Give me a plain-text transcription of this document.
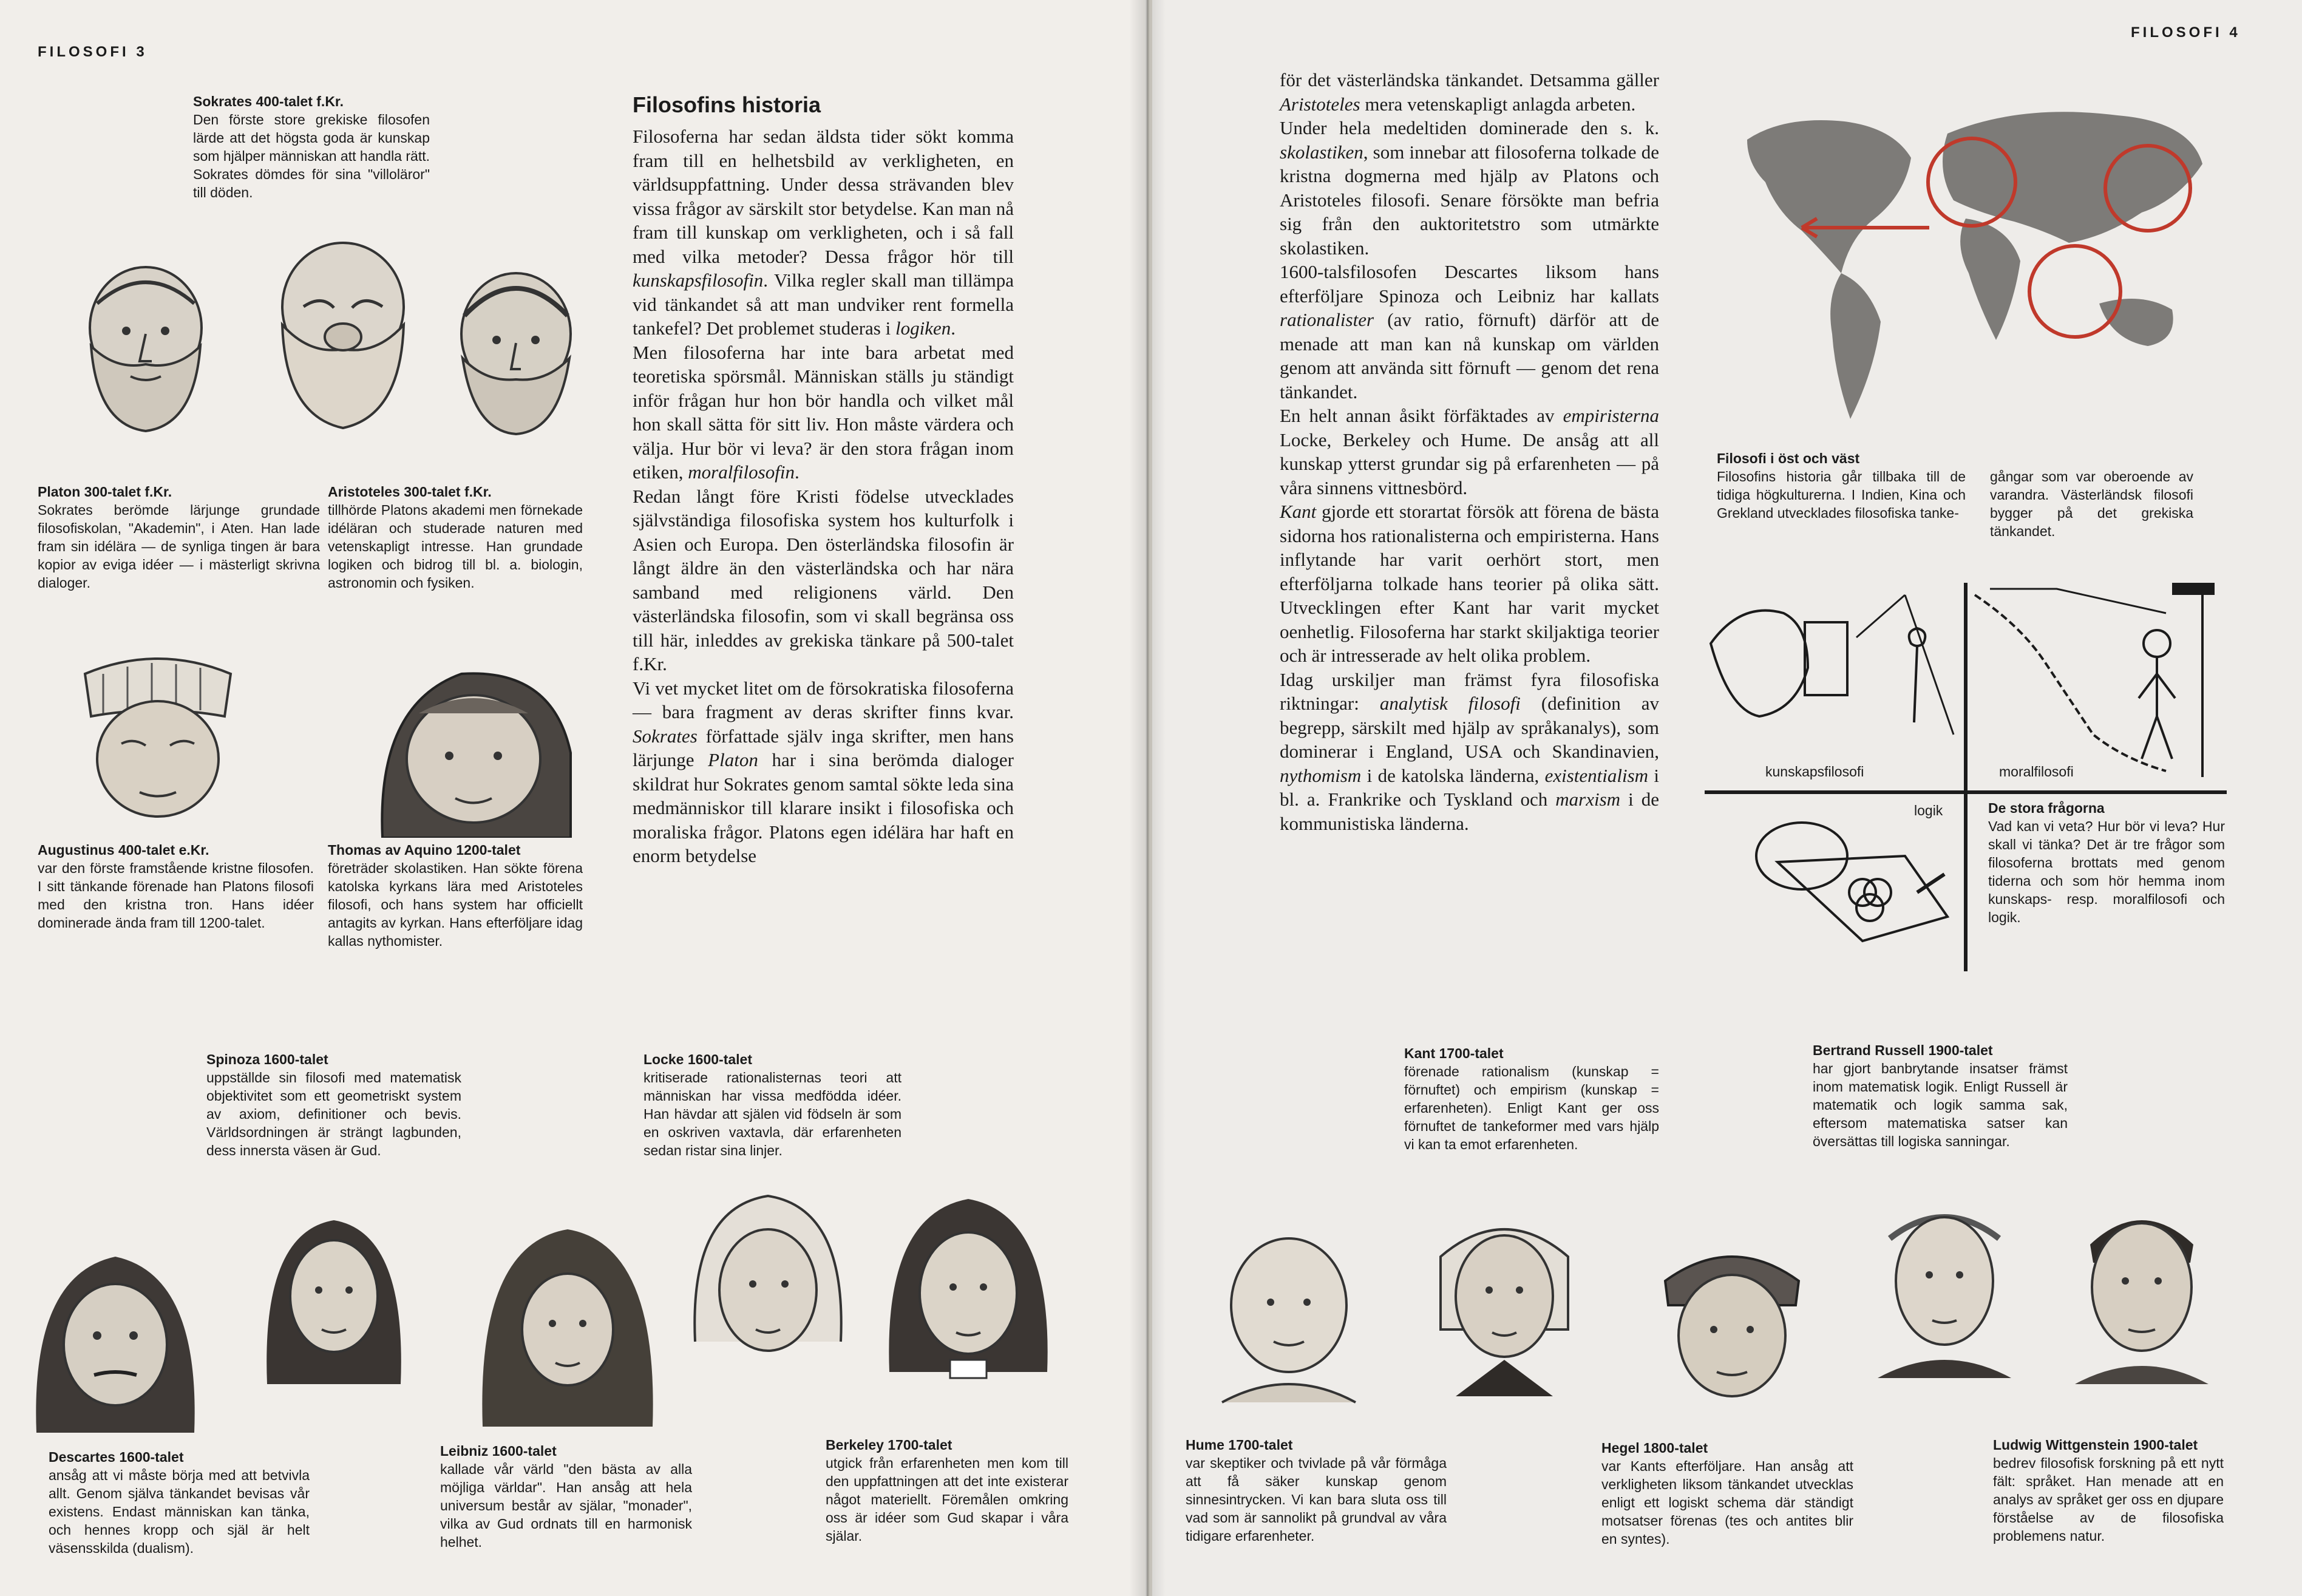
FILOSOFI 3
Sokrates 400-talet f.Kr.
Den förste store grekiske filosofen lärde att det högsta goda är kunskap som hjälper människan att handla rätt. Sokrates dömdes för sina "villoläror" till döden.
Platon 300-talet f.Kr.
Sokrates berömde lärjunge grundade filosofiskolan, "Akademin", i Aten. Han lade fram sin idélära — de synliga tingen är bara kopior av eviga idéer — i mästerligt skrivna dialoger.
Aristoteles 300-talet f.Kr.
tillhörde Platons akademi men förnekade idéläran och studerade naturen med vetenskapligt intresse. Han grundade logiken och bidrog till bl. a. biologin, astronomin och fysiken.
Augustinus 400-talet e.Kr.
var den förste framstående kristne filosofen. I sitt tänkande förenade han Platons filosofi med den kristna tron. Hans idéer dominerade ända fram till 1200-talet.
Thomas av Aquino 1200-talet
företräder skolastiken. Han sökte förena katolska kyrkans lära med Aristoteles filosofi, och hans system har officiellt antagits av kyrkan. Hans efterföljare idag kallas nythomister.
Filosofins historia
Filosoferna har sedan äldsta tider sökt komma fram till en helhetsbild av verkligheten, en världsuppfattning. Under dessa strävanden blev vissa frågor av särskilt stor betydelse. Kan man nå fram till kunskap om verkligheten, och i så fall med vilka metoder? Dessa frågor hör till kunskapsfilosofin. Vilka regler skall man tillämpa vid tänkandet så att man undviker rent formella tankefel? Det problemet studeras i logiken.
Men filosoferna har inte bara arbetat med teoretiska spörsmål. Människan ställs ju ständigt inför frågan hur hon bör handla och vilket mål hon skall sätta för sitt liv. Hon måste värdera och välja. Hur bör vi leva? är den stora frågan inom etiken, moralfilosofin.
Redan långt före Kristi födelse utvecklades självständiga filosofiska system hos kulturfolk i Asien och Europa. Den österländska filosofin är långt äldre än den västerländska och har nära samband med religionens värld. Den västerländska filosofin, som vi skall begränsa oss till här, inleddes av grekiska tänkare på 500-talet f.Kr.
Vi vet mycket litet om de försokratiska filosoferna — bara fragment av deras skrifter finns kvar. Sokrates författade själv inga skrifter, men hans lärjunge Platon har i sina berömda dialoger skildrat hur Sokrates genom samtal sökte leda sina medmänniskor till klarare insikt i filosofiska och moraliska frågor. Platons egen idélära har haft en enorm betydelse
Spinoza 1600-talet
uppställde sin filosofi med matematisk objektivitet som ett geometriskt system av axiom, definitioner och bevis. Världsordningen är strängt lagbunden, dess innersta väsen är Gud.
Locke 1600-talet
kritiserade rationalisternas teori att människan har vissa medfödda idéer. Han hävdar att själen vid födseln är som en oskriven vaxtavla, där erfarenheten sedan ristar sina linjer.
Descartes 1600-talet
ansåg att vi måste börja med att betvivla allt. Genom själva tänkandet bevisas vår existens. Endast människan kan tänka, och hennes kropp och själ är helt väsensskilda (dualism).
Leibniz 1600-talet
kallade vår värld "den bästa av alla möjliga världar". Han ansåg att hela universum består av själar, "monader", vilka av Gud ordnats till en harmonisk helhet.
Berkeley 1700-talet
utgick från erfarenheten men kom till den uppfattningen att det inte existerar något materiellt. Föremålen omkring oss är idéer som Gud skapar i våra själar.
FILOSOFI 4
för det västerländska tänkandet. Detsamma gäller Aristoteles mera vetenskapligt anlagda arbeten.
Under hela medeltiden dominerade den s. k. skolastiken, som innebar att filosoferna tolkade de kristna dogmerna med hjälp av Platons och Aristoteles filosofi. Senare försökte man befria sig från den auktoritetstro som utmärkte skolastiken.
1600-talsfilosofen Descartes liksom hans efterföljare Spinoza och Leibniz har kallats rationalister (av ratio, förnuft) därför att de menade att man kan nå kunskap om världen genom att använda sitt förnuft — genom det rena tänkandet.
En helt annan åsikt förfäktades av empiristerna Locke, Berkeley och Hume. De ansåg att all kunskap ytterst grundar sig på erfarenheten — på våra sinnens vittnesbörd.
Kant gjorde ett storartat försök att förena de bästa sidorna hos rationalisterna och empiristerna. Hans inflytande har varit oerhört stort, men efterföljarna tolkade hans teorier på olika sätt. Utvecklingen efter Kant har varit mycket oenhetlig. Filosoferna har starkt skiljaktiga teorier och är intresserade av helt olika problem.
Idag urskiljer man främst fyra filosofiska riktningar: analytisk filosofi (definition av begrepp, särskilt med hjälp av språkanalys), som dominerar i England, USA och Skandinavien, nythomism i de katolska länderna, existentialism i bl. a. Frankrike och Tyskland och marxism i de kommunistiska länderna.
Filosofi i öst och väst
Filosofins historia går tillbaka till de tidiga högkulturerna. I Indien, Kina och Grekland utvecklades filosofiska tanke-
gångar som var oberoende av varandra. Västerländsk filosofi bygger på det grekiska tänkandet.
kunskapsfilosofi	moralfilosofi
logik	De stora frågorna
Vad kan vi veta? Hur bör vi leva? Hur skall vi tänka? Det är tre frågor som filosoferna brottats med genom tiderna och som hör hemma inom kunskaps- resp. moralfilosofi och logik.
Kant 1700-talet
förenade rationalism (kunskap = förnuftet) och empirism (kunskap = erfarenheten). Enligt Kant ger oss förnuftet de tankeformer med vars hjälp vi kan ta emot erfarenheten.
Bertrand Russell 1900-talet
har gjort banbrytande insatser främst inom matematisk logik. Enligt Russell är matematik och logik samma sak, eftersom matematiska satser kan översättas till logiska sanningar.
Hume 1700-talet
var skeptiker och tvivlade på vår förmåga att få säker kunskap genom sinnesintrycken. Vi kan bara sluta oss till vad som är sannolikt på grundval av våra tidigare erfarenheter.
Hegel 1800-talet
var Kants efterföljare. Han ansåg att verkligheten liksom tänkandet utvecklas enligt ett logiskt schema där ständigt motsatser förenas (tes och antites blir en syntes).
Ludwig Wittgenstein 1900-talet
bedrev filosofisk forskning på ett nytt fält: språket. Han menade att en analys av språket ger oss en djupare förståelse av de filosofiska problemens natur.
